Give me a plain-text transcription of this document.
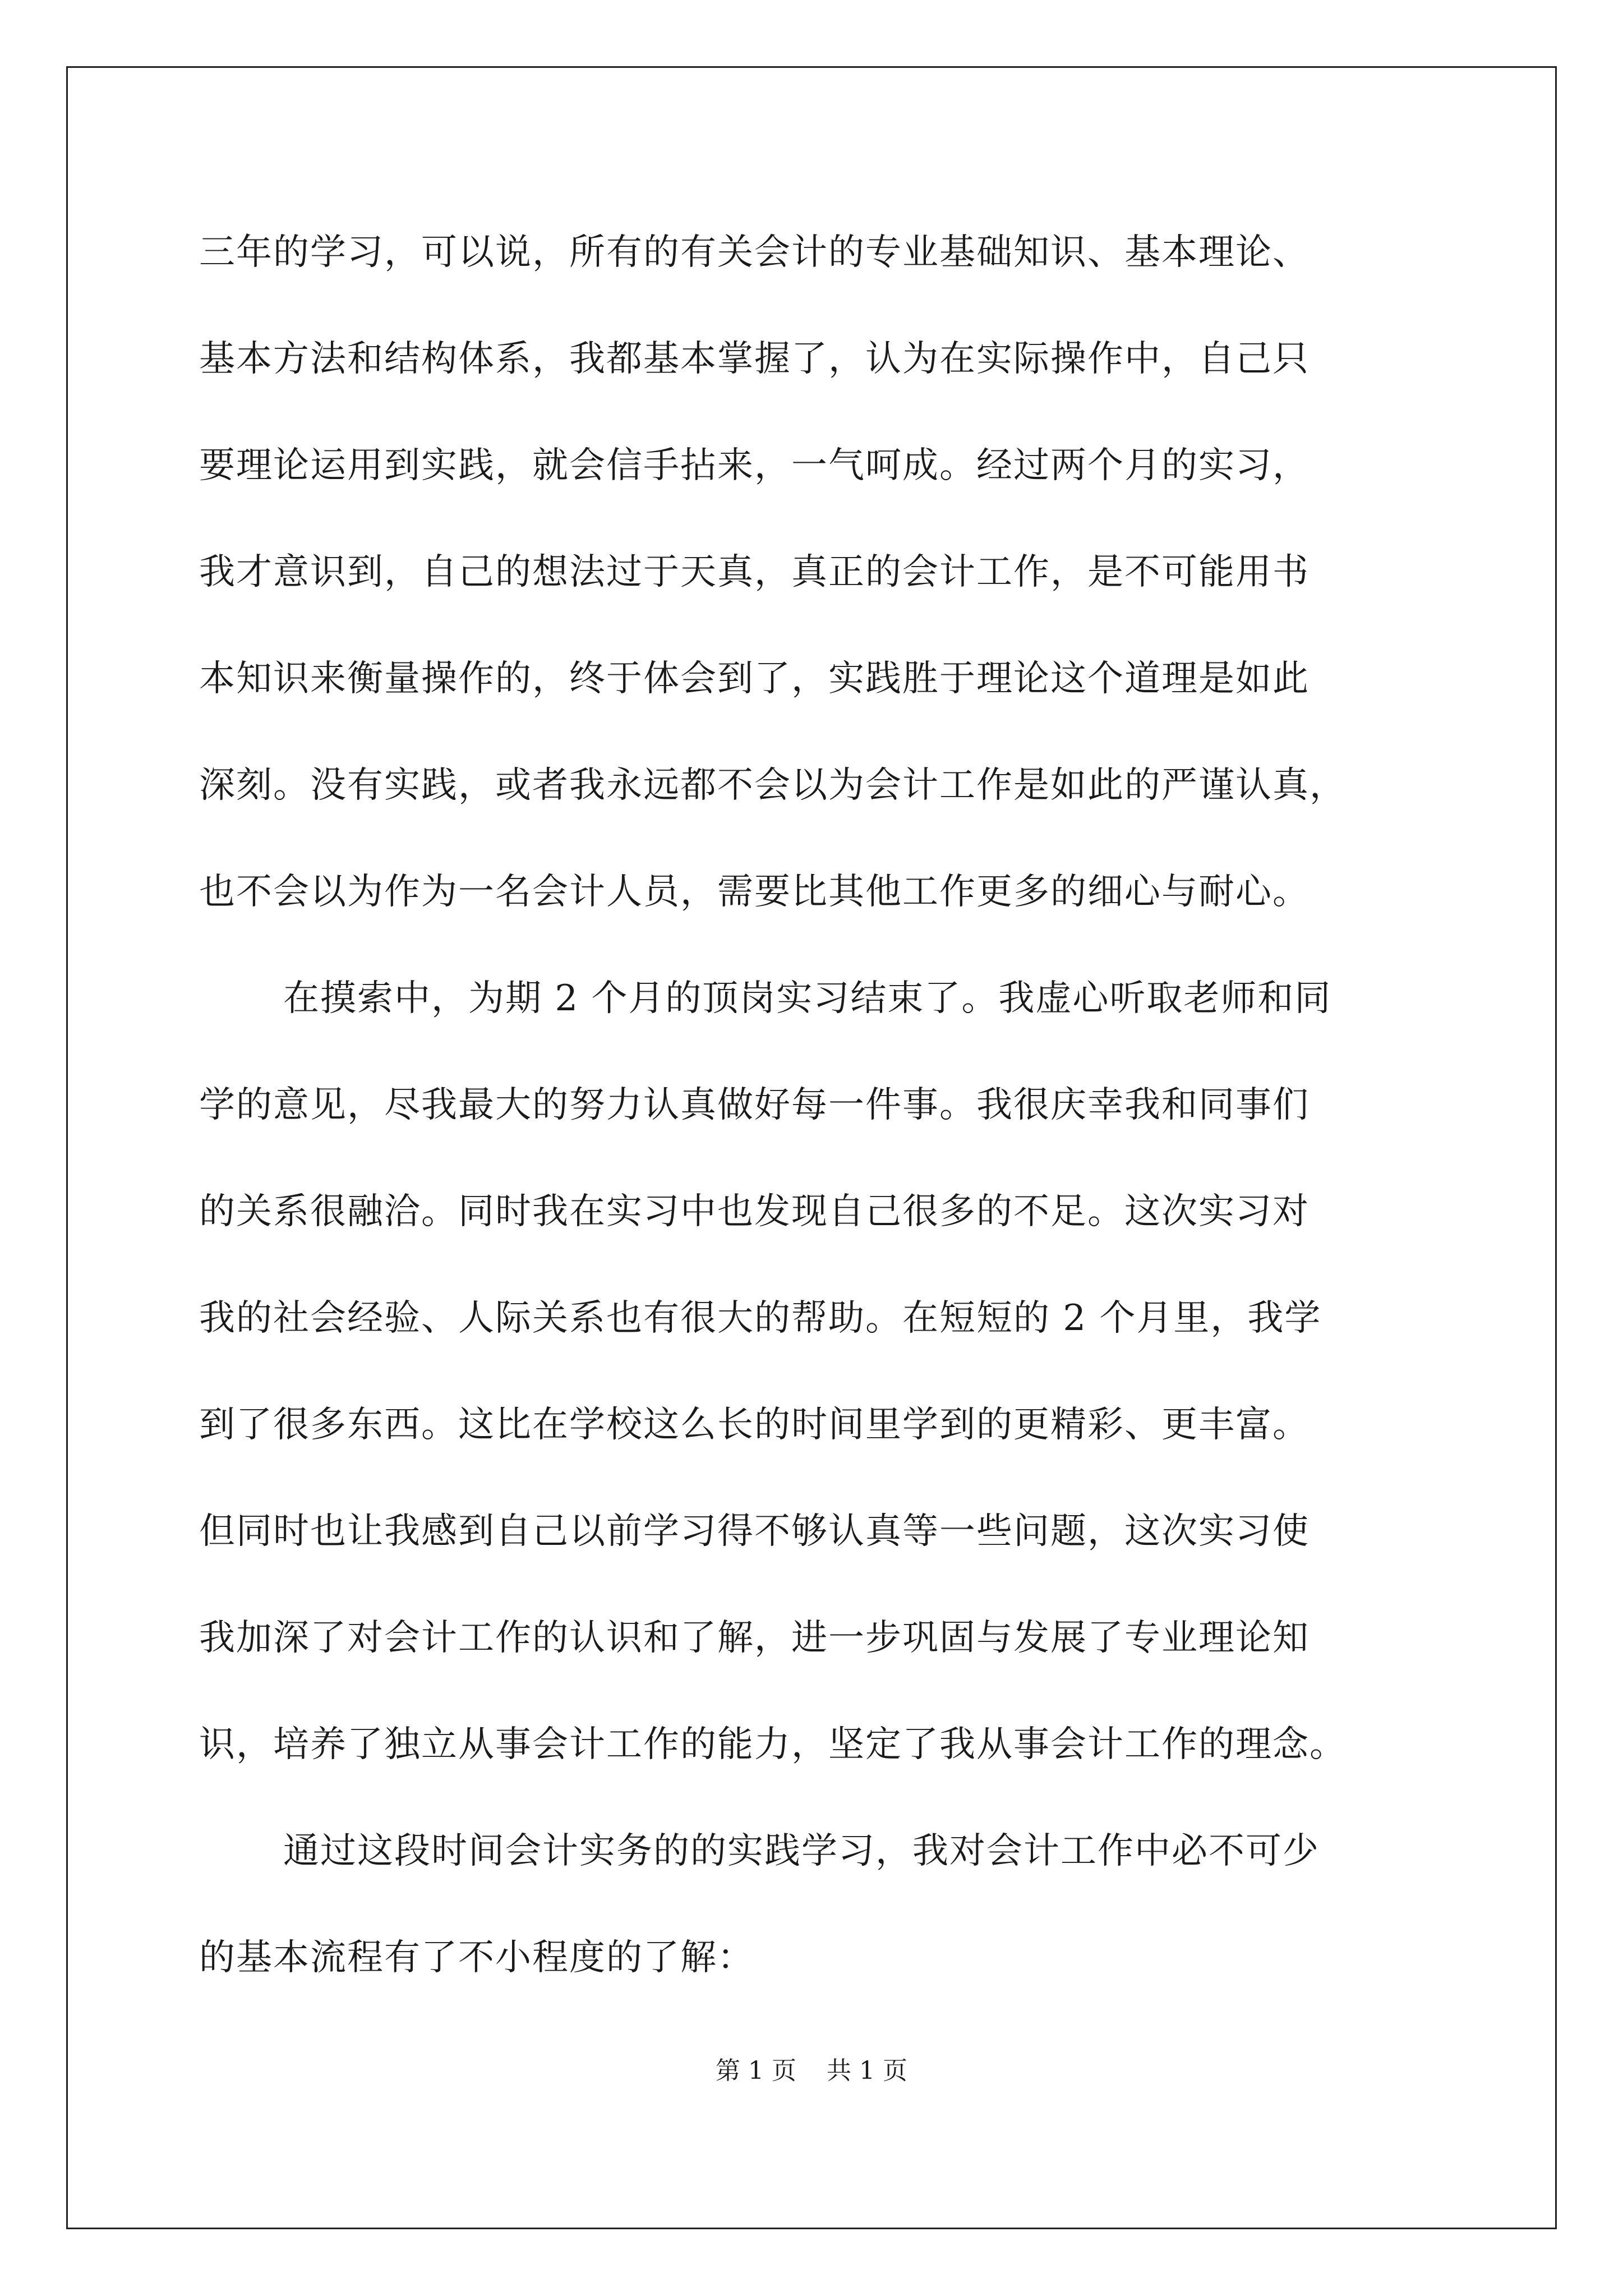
三年的学习，可以说，所有的有关会计的专业基础知识、基本理论、
基本方法和结构体系，我都基本掌握了，认为在实际操作中，自己只
要理论运用到实践，就会信手拈来，一气呵成。经过两个月的实习，
我才意识到，自己的想法过于天真，真正的会计工作，是不可能用书
本知识来衡量操作的，终于体会到了，实践胜于理论这个道理是如此
深刻。没有实践，或者我永远都不会以为会计工作是如此的严谨认真，
也不会以为作为一名会计人员，需要比其他工作更多的细心与耐心。
在摸索中，为期 2 个月的顶岗实习结束了。我虚心听取老师和同
学的意见，尽我最大的努力认真做好每一件事。我很庆幸我和同事们
的关系很融洽。同时我在实习中也发现自己很多的不足。这次实习对
我的社会经验、人际关系也有很大的帮助。在短短的 2 个月里，我学
到了很多东西。这比在学校这么长的时间里学到的更精彩、更丰富。
但同时也让我感到自己以前学习得不够认真等一些问题，这次实习使
我加深了对会计工作的认识和了解，进一步巩固与发展了专业理论知
识，培养了独立从事会计工作的能力，坚定了我从事会计工作的理念。
通过这段时间会计实务的的实践学习，我对会计工作中必不可少
的基本流程有了不小程度的了解：
第 1 页 共 1 页
